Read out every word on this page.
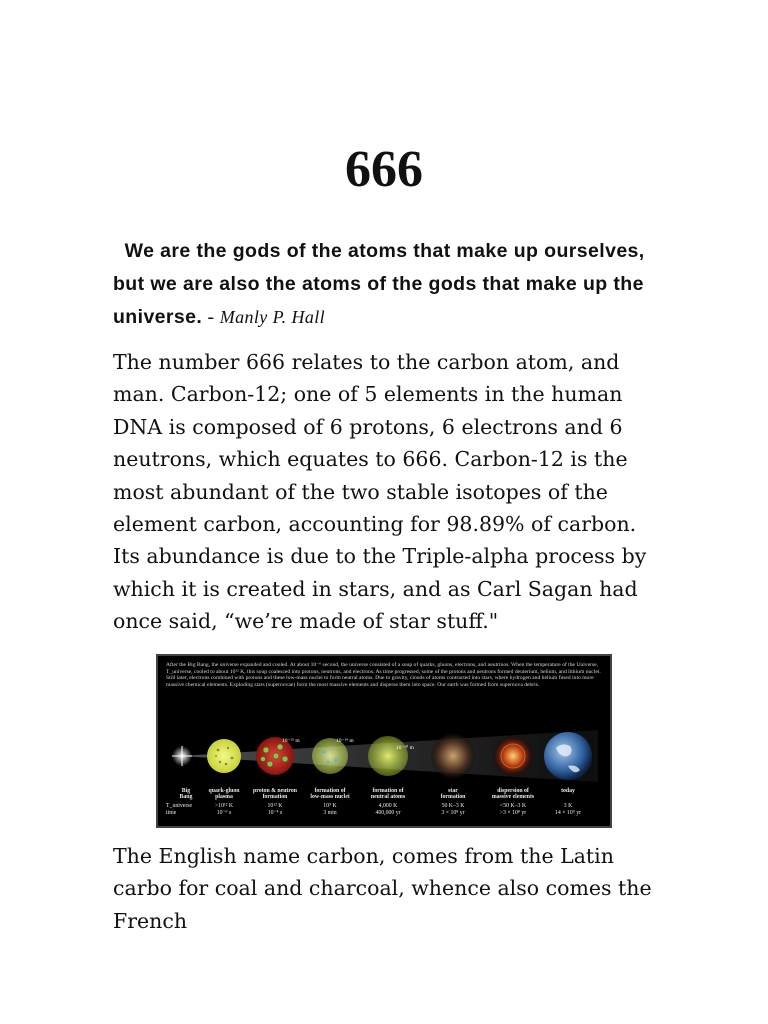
666
We are the gods of the atoms that make up ourselves, but we are also the atoms of the gods that make up the universe. - Manly P. Hall
The number 666 relates to the carbon atom, and man. Carbon-12; one of 5 elements in the human DNA is composed of 6 protons, 6 electrons and 6 neutrons, which equates to 666. Carbon-12 is the most abundant of the two stable isotopes of the element carbon, accounting for 98.89% of carbon. Its abundance is due to the Triple-alpha process by which it is created in stars, and as Carl Sagan had once said, “we’re made of star stuff."
After the Big Bang, the universe expanded and cooled. At about 10⁻⁶ second, the universe consisted of a soup of quarks, gluons, electrons, and neutrinos. When the temperature of the Universe, T_universe, cooled to about 10¹² K, this soup coalesced into protons, neutrons, and electrons. As time progressed, some of the protons and neutrons formed deuterium, helium, and lithium nuclei. Still later, electrons combined with protons and these low-mass nuclei to form neutral atoms. Due to gravity, clouds of atoms contracted into stars, where hydrogen and helium fused into more massive chemical elements. Exploding stars (supernovae) form the most massive elements and disperse them into space. Our earth was formed from supernova debris.
10⁻¹⁵ m	10⁻¹⁴ m
10⁻¹⁰ m
Big
Bang
quark-gluon
plasma
proton & neutron
formation
formation of
low-mass nuclei
formation of
neutral atoms
star
formation
dispersion of
massive elements
today
T_universe
time
>10¹² K
10⁻⁶ s
10¹² K
10⁻⁴ s
10⁹ K
3 min
4,000 K
400,000 yr
50 K–3 K
3 × 10⁸ yr
<50 K–3 K
>3 × 10⁸ yr
3 K
14 × 10⁹ yr
The English name carbon, comes from the Latin carbo for coal and charcoal, whence also comes the French
